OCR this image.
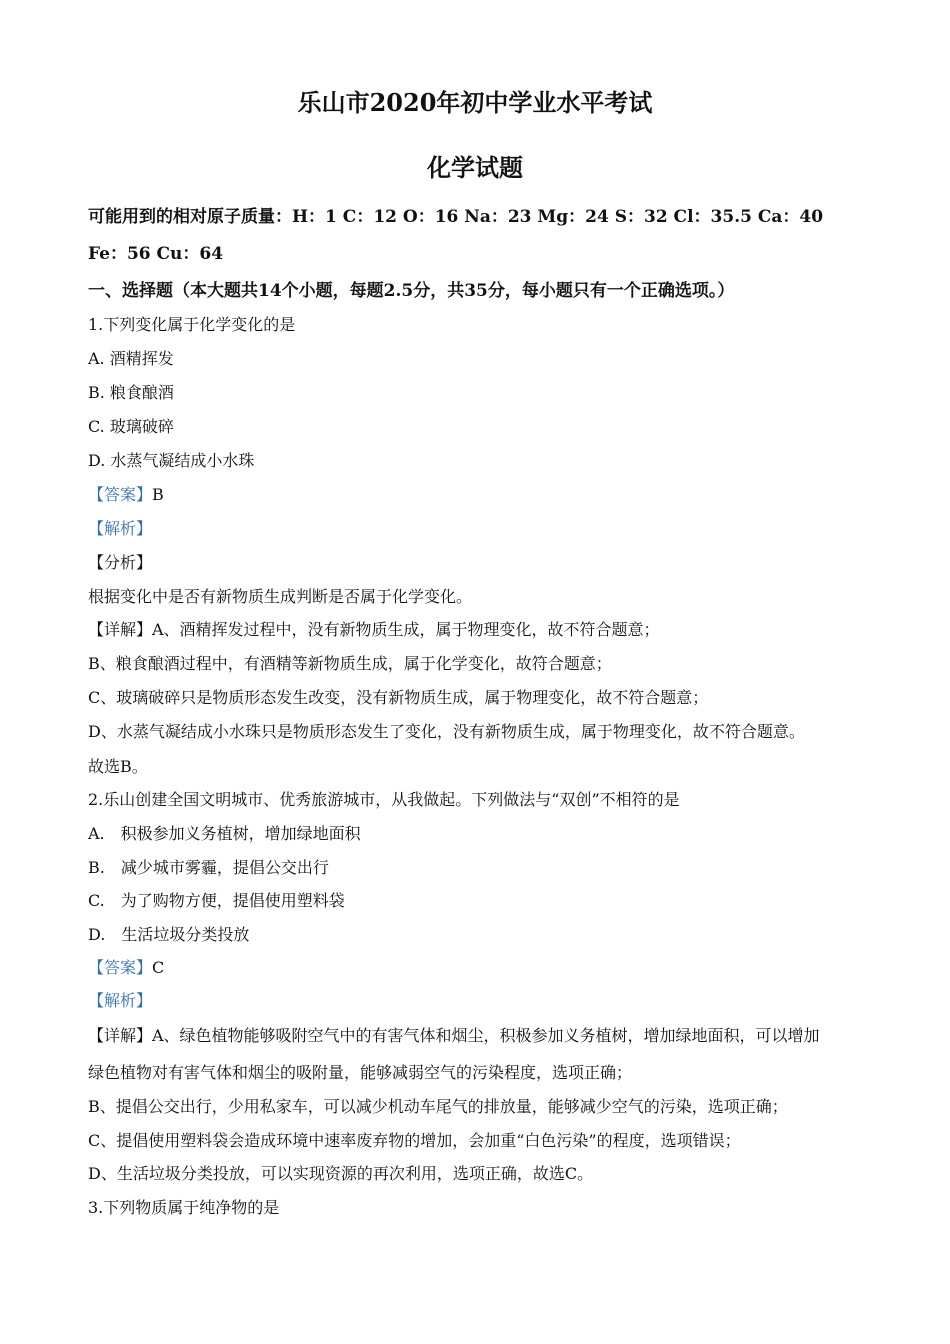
乐山市2020年初中学业水平考试
化学试题
可能用到的相对原子质量：H：1 C：12 O：16 Na：23 Mg：24 S：32 Cl：35.5 Ca：40
Fe：56 Cu：64
一、选择题（本大题共14个小题，每题2.5分，共35分，每小题只有一个正确选项。）
1.下列变化属于化学变化的是
A. 酒精挥发
B. 粮食酿酒
C. 玻璃破碎
D. 水蒸气凝结成小水珠
【答案】B
【解析】
【分析】
根据变化中是否有新物质生成判断是否属于化学变化。
【详解】A、酒精挥发过程中，没有新物质生成，属于物理变化，故不符合题意；
B、粮食酿酒过程中，有酒精等新物质生成，属于化学变化，故符合题意；
C、玻璃破碎只是物质形态发生改变，没有新物质生成，属于物理变化，故不符合题意；
D、水蒸气凝结成小水珠只是物质形态发生了变化，没有新物质生成，属于物理变化，故不符合题意。
故选B。
2.乐山创建全国文明城市、优秀旅游城市，从我做起。下列做法与“双创”不相符的是
A.　积极参加义务植树，增加绿地面积
B.　减少城市雾霾，提倡公交出行
C.　为了购物方便，提倡使用塑料袋
D.　生活垃圾分类投放
【答案】C
【解析】
【详解】A、绿色植物能够吸附空气中的有害气体和烟尘，积极参加义务植树，增加绿地面积，可以增加
绿色植物对有害气体和烟尘的吸附量，能够减弱空气的污染程度，选项正确；
B、提倡公交出行，少用私家车，可以减少机动车尾气的排放量，能够减少空气的污染，选项正确；
C、提倡使用塑料袋会造成环境中速率废弃物的增加，会加重“白色污染”的程度，选项错误；
D、生活垃圾分类投放，可以实现资源的再次利用，选项正确，故选C。
3.下列物质属于纯净物的是
